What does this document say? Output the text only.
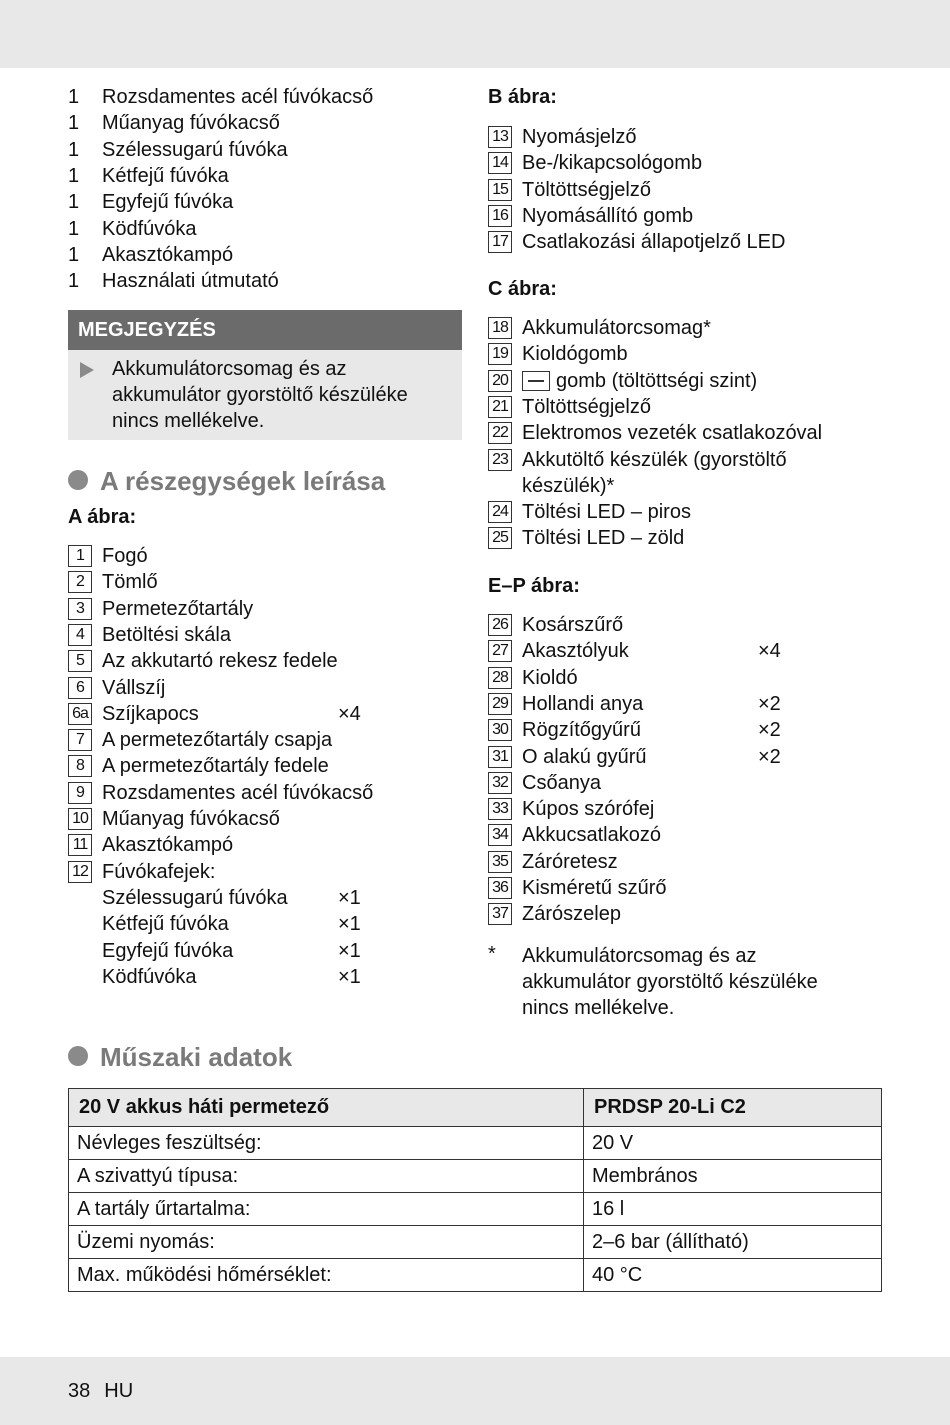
1 Rozsdamentes acél fúvókacső
1 Műanyag fúvókacső
1 Szélessugarú fúvóka
1 Kétfejű fúvóka
1 Egyfejű fúvóka
1 Ködfúvóka
1 Akasztókampó
1 Használati útmutató
MEGJEGYZÉS
Akkumulátorcsomag és az akkumulátor gyorstöltő készüléke nincs mellékelve.
A részegységek leírása
A ábra:
1 Fogó
2 Tömlő
3 Permetezőtartály
4 Betöltési skála
5 Az akkutartó rekesz fedele
6 Vállszíj
6a Szíjkapocs	×4
7 A permetezőtartály csapja
8 A permetezőtartály fedele
9 Rozsdamentes acél fúvókacső
10 Műanyag fúvókacső
11 Akasztókampó
12 Fúvókafejek:
Szélessugarú fúvóka	×1
Kétfejű fúvóka	×1
Egyfejű fúvóka	×1
Ködfúvóka	×1
B ábra:
13 Nyomásjelző
14 Be-/kikapcsológomb
15 Töltöttségjelző
16 Nyomásállító gomb
17 Csatlakozási állapotjelző LED
C ábra:
18 Akkumulátorcsomag*
19 Kioldógomb
20	gomb (töltöttségi szint)
21 Töltöttségjelző
22 Elektromos vezeték csatlakozóval
23 Akkutöltő készülék (gyorstöltő
készülék)*
24 Töltési LED – piros
25 Töltési LED – zöld
E–P ábra:
26 Kosárszűrő
27 Akasztólyuk	×4
28 Kioldó
29 Hollandi anya	×2
30 Rögzítőgyűrű	×2
31 O alakú gyűrű	×2
32 Csőanya
33 Kúpos szórófej
34 Akkucsatlakozó
35 Záróretesz
36 Kisméretű szűrő
37 Zárószelep
* Akkumulátorcsomag és az akkumulátor gyorstöltő készüléke nincs mellékelve.
Műszaki adatok
20 V akkus háti permetező	PRDSP 20-Li C2
Névleges feszültség:	20 V
A szivattyú típusa:	Membrános
A tartály űrtartalma:	16 l
Üzemi nyomás:	2–6 bar (állítható)
Max. működési hőmérséklet:	40 °C
38 HU
